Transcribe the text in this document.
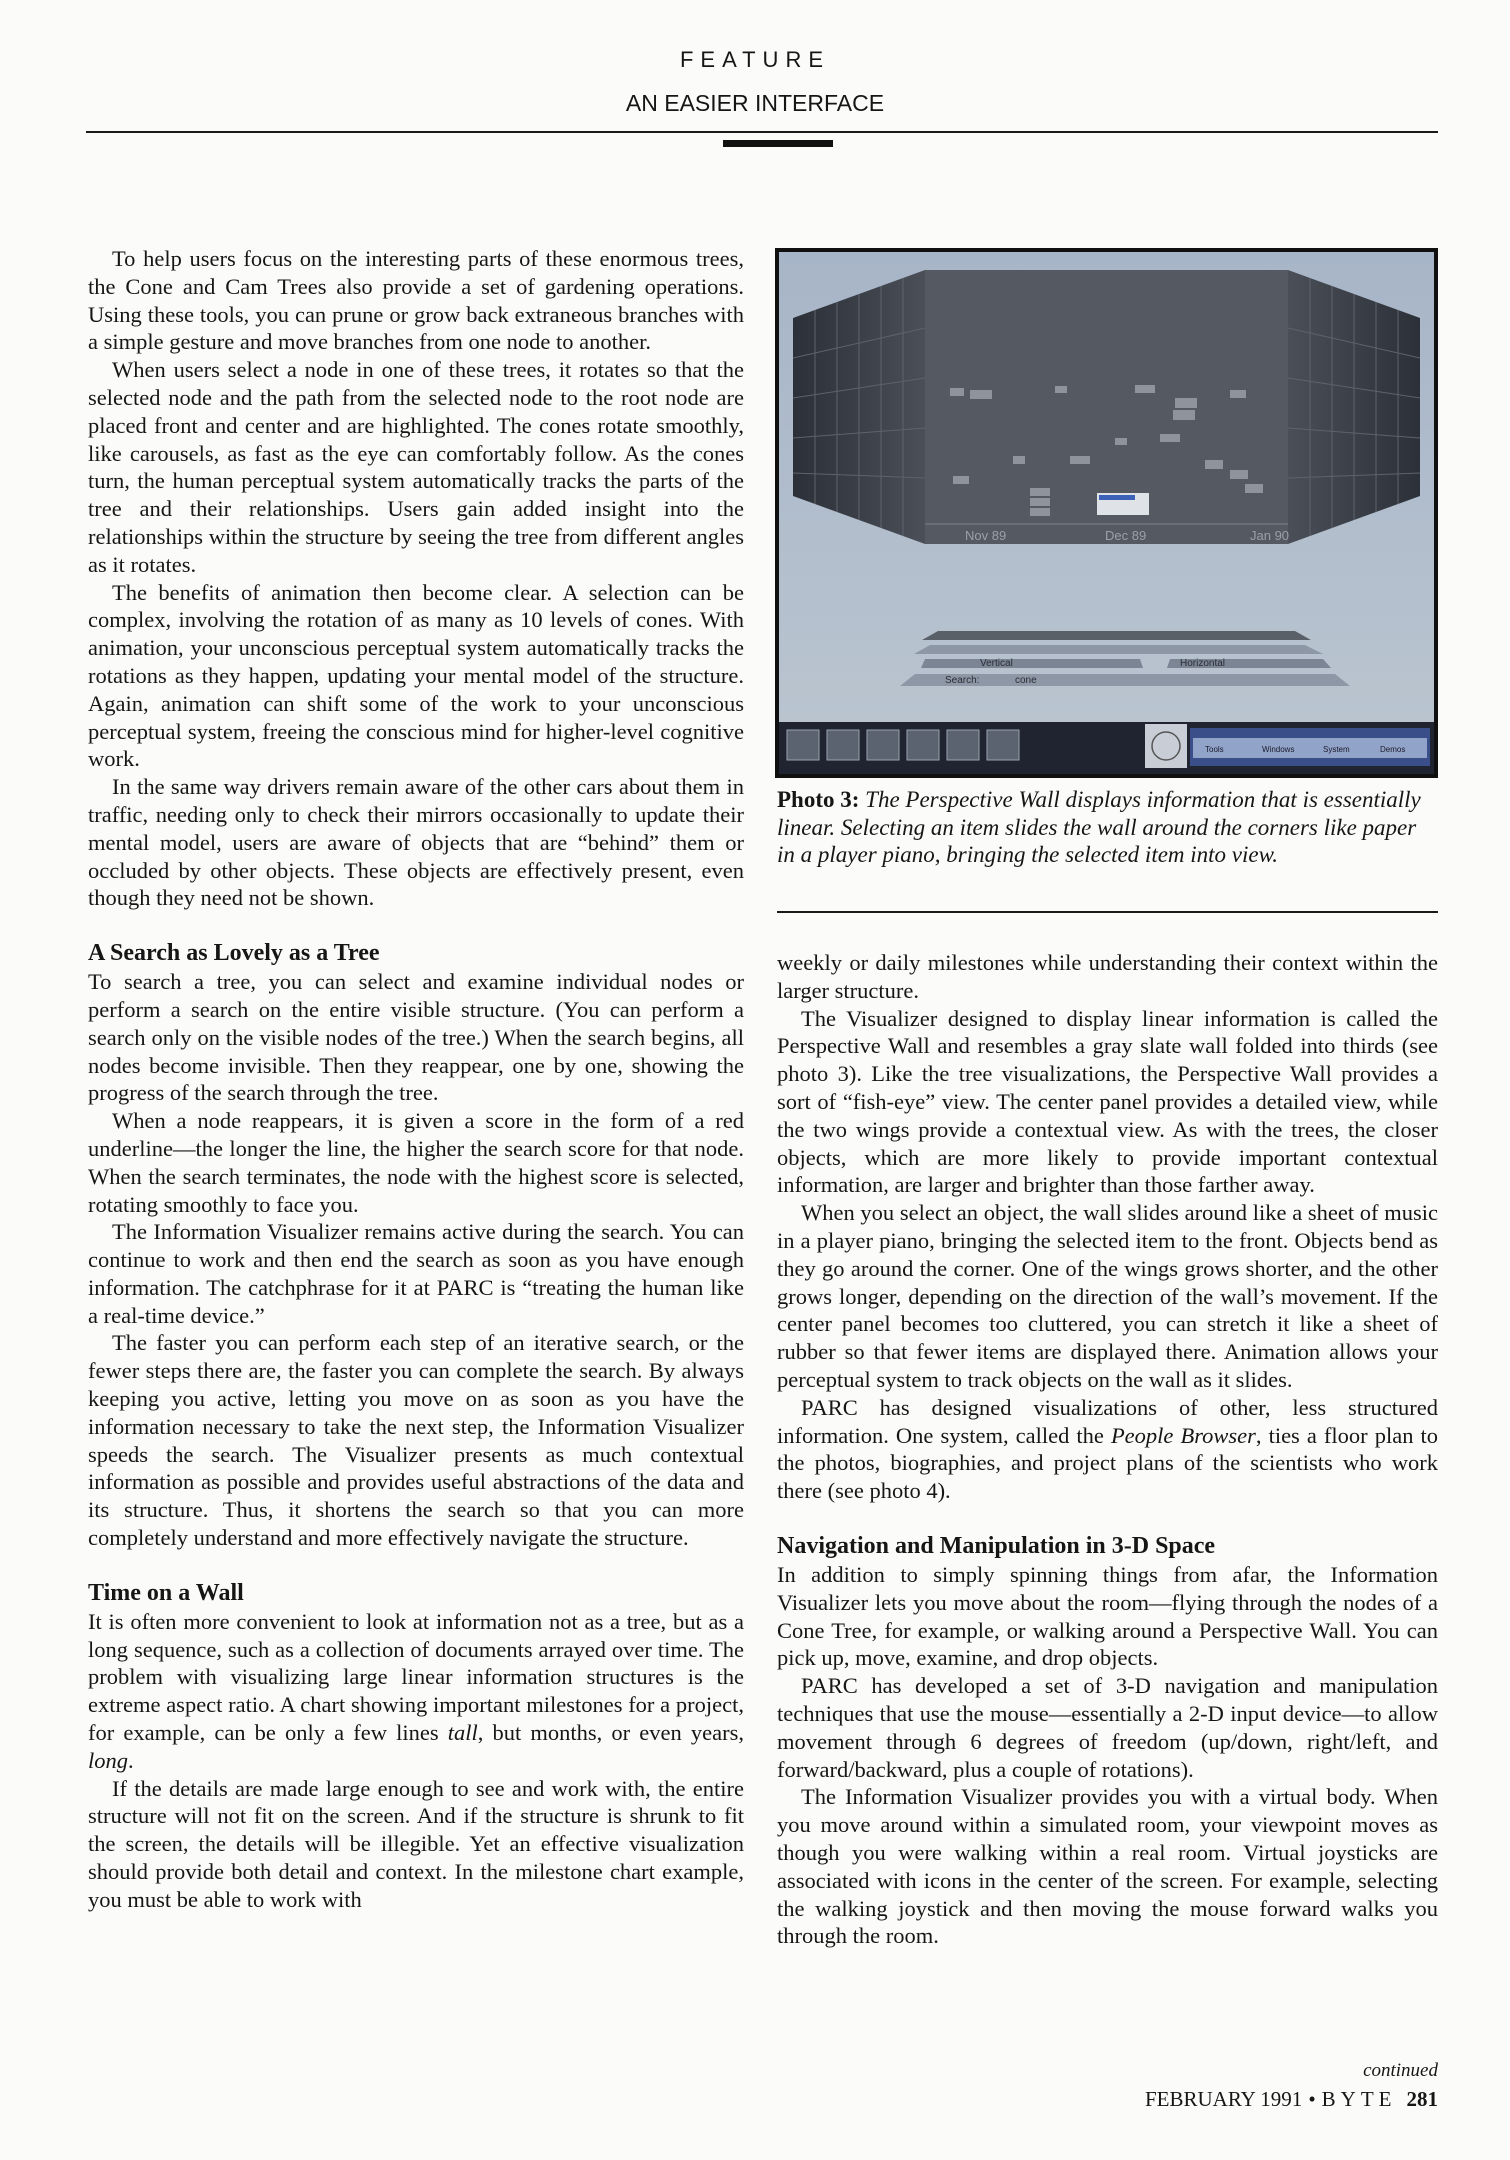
FEATURE
AN EASIER INTERFACE

To help users focus on the interesting parts of these enormous trees, the Cone and Cam Trees also provide a set of gardening operations. Using these tools, you can prune or grow back extraneous branches with a simple gesture and move branches from one node to another.

When users select a node in one of these trees, it rotates so that the selected node and the path from the selected node to the root node are placed front and center and are highlighted. The cones rotate smoothly, like carousels, as fast as the eye can comfortably follow. As the cones turn, the human perceptual system automatically tracks the parts of the tree and their relationships. Users gain added insight into the relationships within the structure by seeing the tree from different angles as it rotates.

The benefits of animation then become clear. A selection can be complex, involving the rotation of as many as 10 levels of cones. With animation, your unconscious perceptual system automatically tracks the rotations as they happen, updating your mental model of the structure. Again, animation can shift some of the work to your unconscious perceptual system, freeing the conscious mind for higher-level cognitive work.

In the same way drivers remain aware of the other cars about them in traffic, needing only to check their mirrors occasionally to update their mental model, users are aware of objects that are “behind” them or occluded by other objects. These objects are effectively present, even though they need not be shown.

A Search as Lovely as a Tree

To search a tree, you can select and examine individual nodes or perform a search on the entire visible structure. (You can perform a search only on the visible nodes of the tree.) When the search begins, all nodes become invisible. Then they reappear, one by one, showing the progress of the search through the tree.

When a node reappears, it is given a score in the form of a red underline—the longer the line, the higher the search score for that node. When the search terminates, the node with the highest score is selected, rotating smoothly to face you.

The Information Visualizer remains active during the search. You can continue to work and then end the search as soon as you have enough information. The catchphrase for it at PARC is “treating the human like a real-time device.”

The faster you can perform each step of an iterative search, or the fewer steps there are, the faster you can complete the search. By always keeping you active, letting you move on as soon as you have the information necessary to take the next step, the Information Visualizer speeds the search. The Visualizer presents as much contextual information as possible and provides useful abstractions of the data and its structure. Thus, it shortens the search so that you can more completely understand and more effectively navigate the structure.

Time on a Wall

It is often more convenient to look at information not as a tree, but as a long sequence, such as a collection of documents arrayed over time. The problem with visualizing large linear information structures is the extreme aspect ratio. A chart showing important milestones for a project, for example, can be only a few lines tall, but months, or even years, long.

If the details are made large enough to see and work with, the entire structure will not fit on the screen. And if the structure is shrunk to fit the screen, the details will be illegible. Yet an effective visualization should provide both detail and context. In the milestone chart example, you must be able to work with

Nov 89	Dec 89	Jan 90
Vertical	Horizontal
Search:	cone
Tools	Windows	System	Demos
Photo 3: The Perspective Wall displays information that is essentially linear. Selecting an item slides the wall around the corners like paper in a player piano, bringing the selected item into view.

weekly or daily milestones while understanding their context within the larger structure.

The Visualizer designed to display linear information is called the Perspective Wall and resembles a gray slate wall folded into thirds (see photo 3). Like the tree visualizations, the Perspective Wall provides a sort of “fish-eye” view. The center panel provides a detailed view, while the two wings provide a contextual view. As with the trees, the closer objects, which are more likely to provide important contextual information, are larger and brighter than those farther away.

When you select an object, the wall slides around like a sheet of music in a player piano, bringing the selected item to the front. Objects bend as they go around the corner. One of the wings grows shorter, and the other grows longer, depending on the direction of the wall’s movement. If the center panel becomes too cluttered, you can stretch it like a sheet of rubber so that fewer items are displayed there. Animation allows your perceptual system to track objects on the wall as it slides.

PARC has designed visualizations of other, less structured information. One system, called the People Browser, ties a floor plan to the photos, biographies, and project plans of the scientists who work there (see photo 4).

Navigation and Manipulation in 3-D Space

In addition to simply spinning things from afar, the Information Visualizer lets you move about the room—flying through the nodes of a Cone Tree, for example, or walking around a Perspective Wall. You can pick up, move, examine, and drop objects.

PARC has developed a set of 3-D navigation and manipulation techniques that use the mouse—essentially a 2-D input device—to allow movement through 6 degrees of freedom (up/down, right/left, and forward/backward, plus a couple of rotations).

The Information Visualizer provides you with a virtual body. When you move around within a simulated room, your viewpoint moves as though you were walking within a real room. Virtual joysticks are associated with icons in the center of the screen. For example, selecting the walking joystick and then moving the mouse forward walks you through the room.

continued
FEBRUARY 1991 • BYTE 281
